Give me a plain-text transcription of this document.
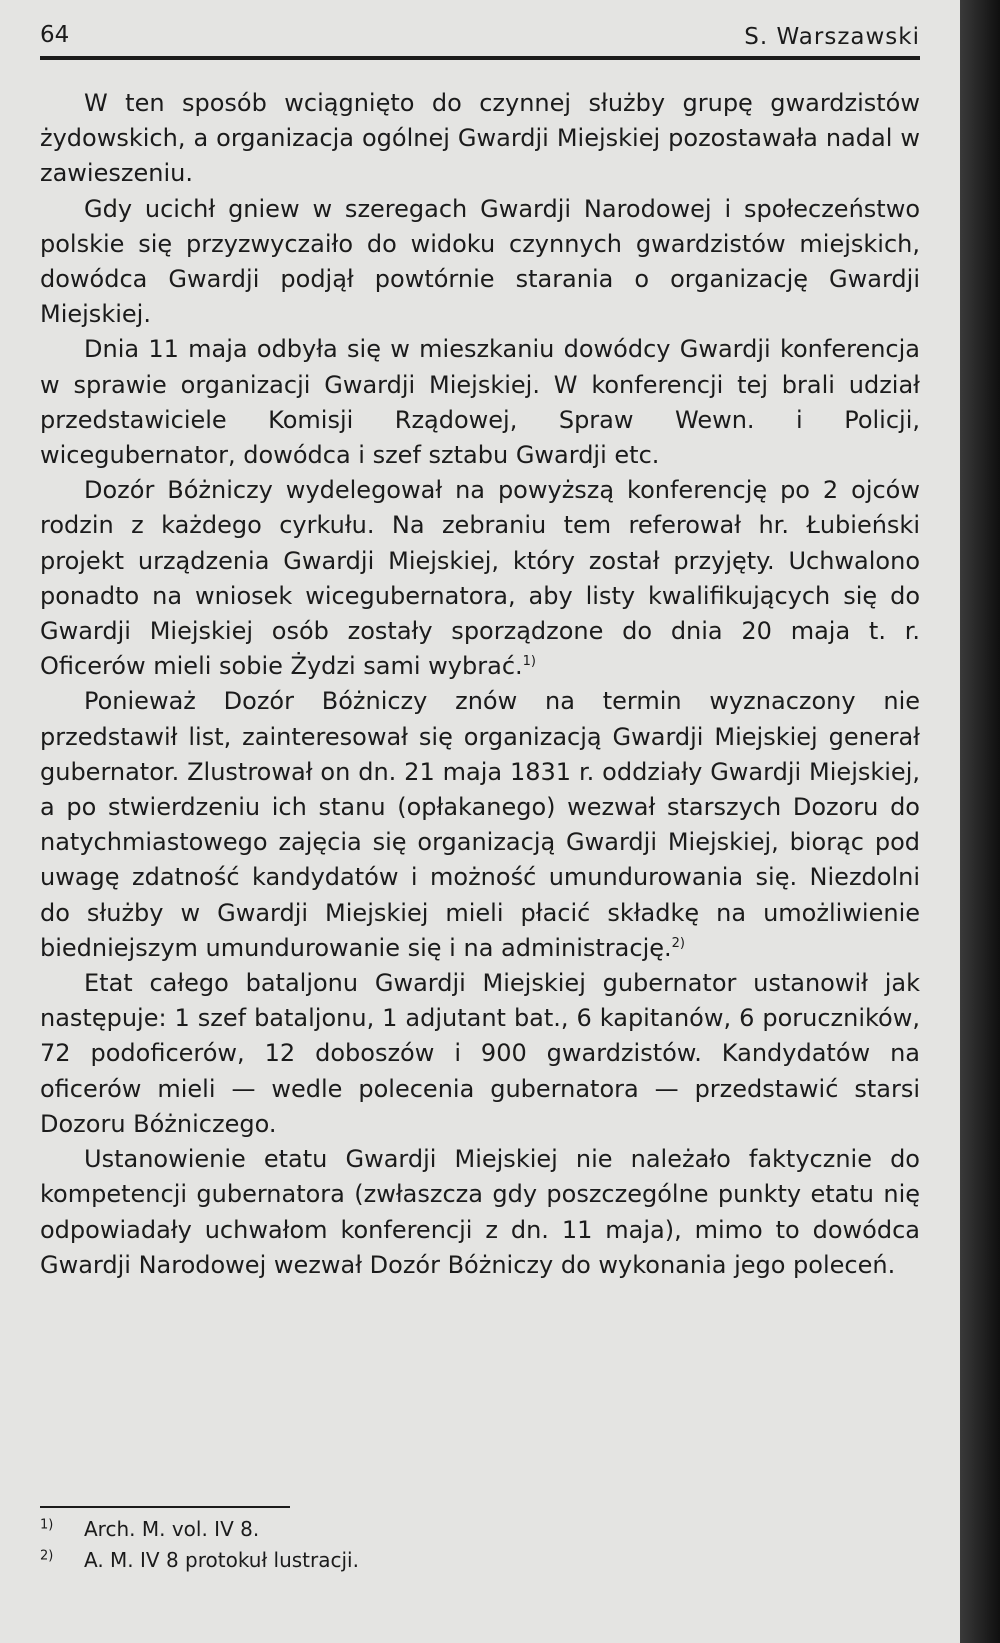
64	S. Warszawski

W ten sposób wciągnięto do czynnej służby grupę gwardzistów żydowskich, a organizacja ogólnej Gwardji Miejskiej pozostawała nadal w zawieszeniu.

Gdy ucichł gniew w szeregach Gwardji Narodowej i społeczeństwo polskie się przyzwyczaiło do widoku czynnych gwardzistów miejskich, dowódca Gwardji podjął powtórnie starania o organizację Gwardji Miejskiej.

Dnia 11 maja odbyła się w mieszkaniu dowódcy Gwardji konferencja w sprawie organizacji Gwardji Miejskiej. W konferencji tej brali udział przedstawiciele Komisji Rządowej, Spraw Wewn. i Policji, wicegubernator, dowódca i szef sztabu Gwardji etc.

Dozór Bóżniczy wydelegował na powyższą konferencję po 2 ojców rodzin z każdego cyrkułu. Na zebraniu tem referował hr. Łubieński projekt urządzenia Gwardji Miejskiej, który został przyjęty. Uchwalono ponadto na wniosek wicegubernatora, aby listy kwalifikujących się do Gwardji Miejskiej osób zostały sporządzone do dnia 20 maja t. r. Oficerów mieli sobie Żydzi sami wybrać.$^{1)}$

Ponieważ Dozór Bóżniczy znów na termin wyznaczony nie przedstawił list, zainteresował się organizacją Gwardji Miejskiej generał gubernator. Zlustrował on dn. 21 maja 1831 r. oddziały Gwardji Miejskiej, a po stwierdzeniu ich stanu (opłakanego) wezwał starszych Dozoru do natychmiastowego zajęcia się organizacją Gwardji Miejskiej, biorąc pod uwagę zdatność kandydatów i możność umundurowania się. Niezdolni do służby w Gwardji Miejskiej mieli płacić składkę na umożliwienie biedniejszym umundurowanie się i na administrację.$^{2)}$

Etat całego bataljonu Gwardji Miejskiej gubernator ustanowił jak następuje: 1 szef bataljonu, 1 adjutant bat., 6 kapitanów, 6 poruczników, 72 podoficerów, 12 doboszów i 900 gwardzistów. Kandydatów na oficerów mieli — wedle polecenia gubernatora — przedstawić starsi Dozoru Bóżniczego.

Ustanowienie etatu Gwardji Miejskiej nie należało faktycznie do kompetencji gubernatora (zwłaszcza gdy poszczególne punkty etatu nię odpowiadały uchwałom konferencji z dn. 11 maja), mimo to dowódca Gwardji Narodowej wezwał Dozór Bóżniczy do wykonania jego poleceń.

$^{1)}$	Arch. M. vol. IV 8.
$^{2)}$	A. M. IV 8 protokuł lustracji.
